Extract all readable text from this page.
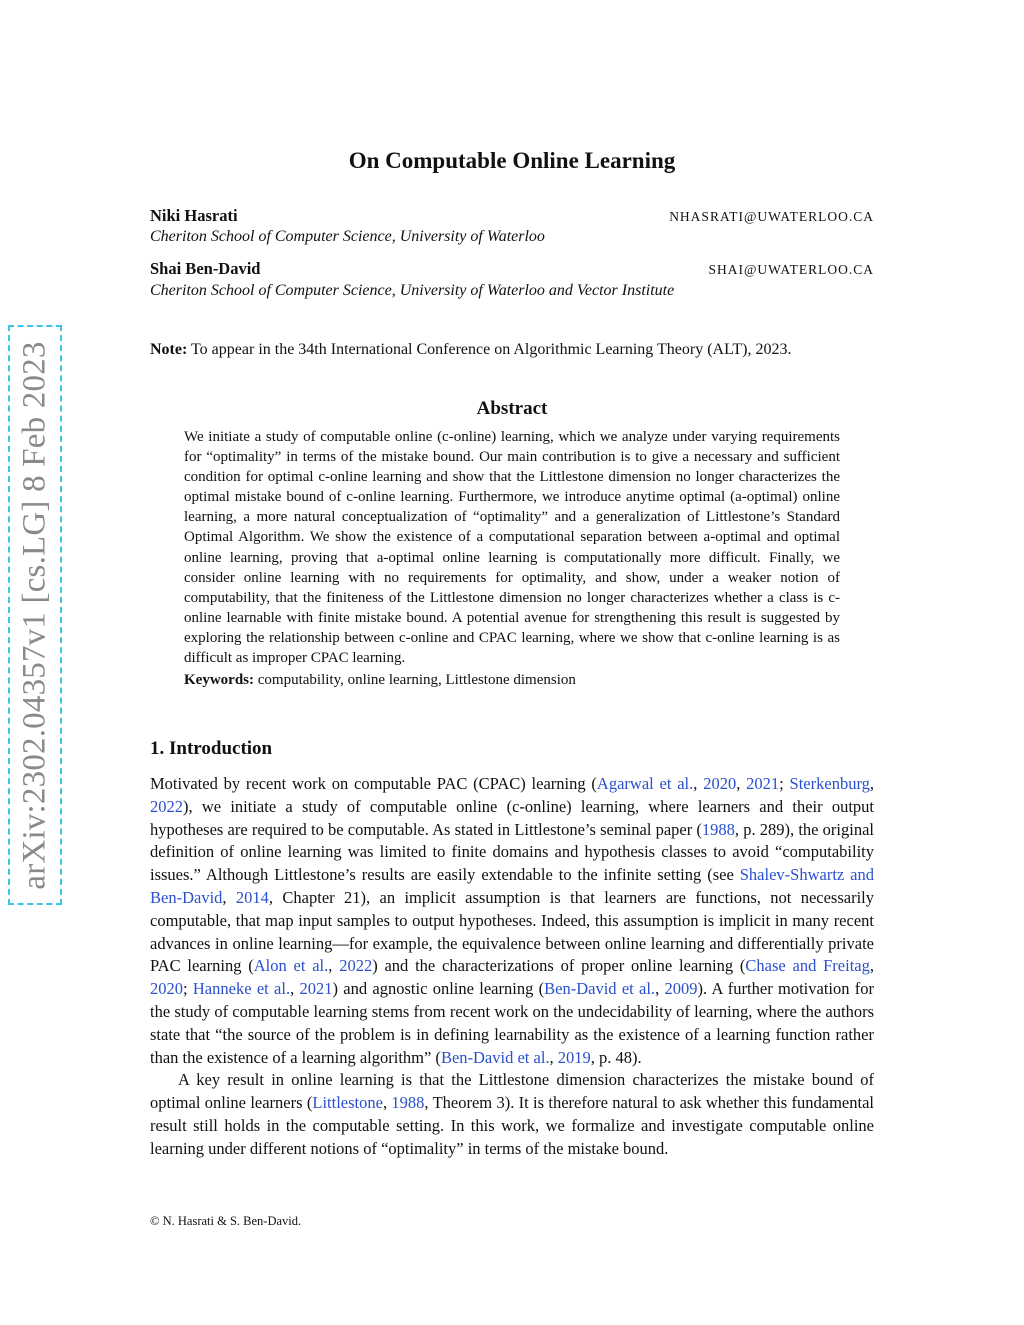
arXiv:2302.04357v1 [cs.LG] 8 Feb 2023
On Computable Online Learning
Niki Hasrati	NHASRATI@UWATERLOO.CA
Cheriton School of Computer Science, University of Waterloo
Shai Ben-David	SHAI@UWATERLOO.CA
Cheriton School of Computer Science, University of Waterloo and Vector Institute
Note: To appear in the 34th International Conference on Algorithmic Learning Theory (ALT), 2023.
Abstract
We initiate a study of computable online (c-online) learning, which we analyze under varying requirements for “optimality” in terms of the mistake bound. Our main contribution is to give a necessary and sufficient condition for optimal c-online learning and show that the Littlestone dimension no longer characterizes the optimal mistake bound of c-online learning. Furthermore, we introduce anytime optimal (a-optimal) online learning, a more natural conceptualization of “optimality” and a generalization of Littlestone’s Standard Optimal Algorithm. We show the existence of a computational separation between a-optimal and optimal online learning, proving that a-optimal online learning is computationally more difficult. Finally, we consider online learning with no requirements for optimality, and show, under a weaker notion of computability, that the finiteness of the Littlestone dimension no longer characterizes whether a class is c-online learnable with finite mistake bound. A potential avenue for strengthening this result is suggested by exploring the relationship between c-online and CPAC learning, where we show that c-online learning is as difficult as improper CPAC learning.
Keywords: computability, online learning, Littlestone dimension
1. Introduction

Motivated by recent work on computable PAC (CPAC) learning (Agarwal et al., 2020, 2021; Sterkenburg, 2022), we initiate a study of computable online (c-online) learning, where learners and their output hypotheses are required to be computable. As stated in Littlestone’s seminal paper (1988, p. 289), the original definition of online learning was limited to finite domains and hypothesis classes to avoid “computability issues.” Although Littlestone’s results are easily extendable to the infinite setting (see Shalev-Shwartz and Ben-David, 2014, Chapter 21), an implicit assumption is that learners are functions, not necessarily computable, that map input samples to output hypotheses. Indeed, this assumption is implicit in many recent advances in online learning—for example, the equivalence between online learning and differentially private PAC learning (Alon et al., 2022) and the characterizations of proper online learning (Chase and Freitag, 2020; Hanneke et al., 2021) and agnostic online learning (Ben-David et al., 2009). A further motivation for the study of computable learning stems from recent work on the undecidability of learning, where the authors state that “the source of the problem is in defining learnability as the existence of a learning function rather than the existence of a learning algorithm” (Ben-David et al., 2019, p. 48).

A key result in online learning is that the Littlestone dimension characterizes the mistake bound of optimal online learners (Littlestone, 1988, Theorem 3). It is therefore natural to ask whether this fundamental result still holds in the computable setting. In this work, we formalize and investigate computable online learning under different notions of “optimality” in terms of the mistake bound.

© N. Hasrati & S. Ben-David.
